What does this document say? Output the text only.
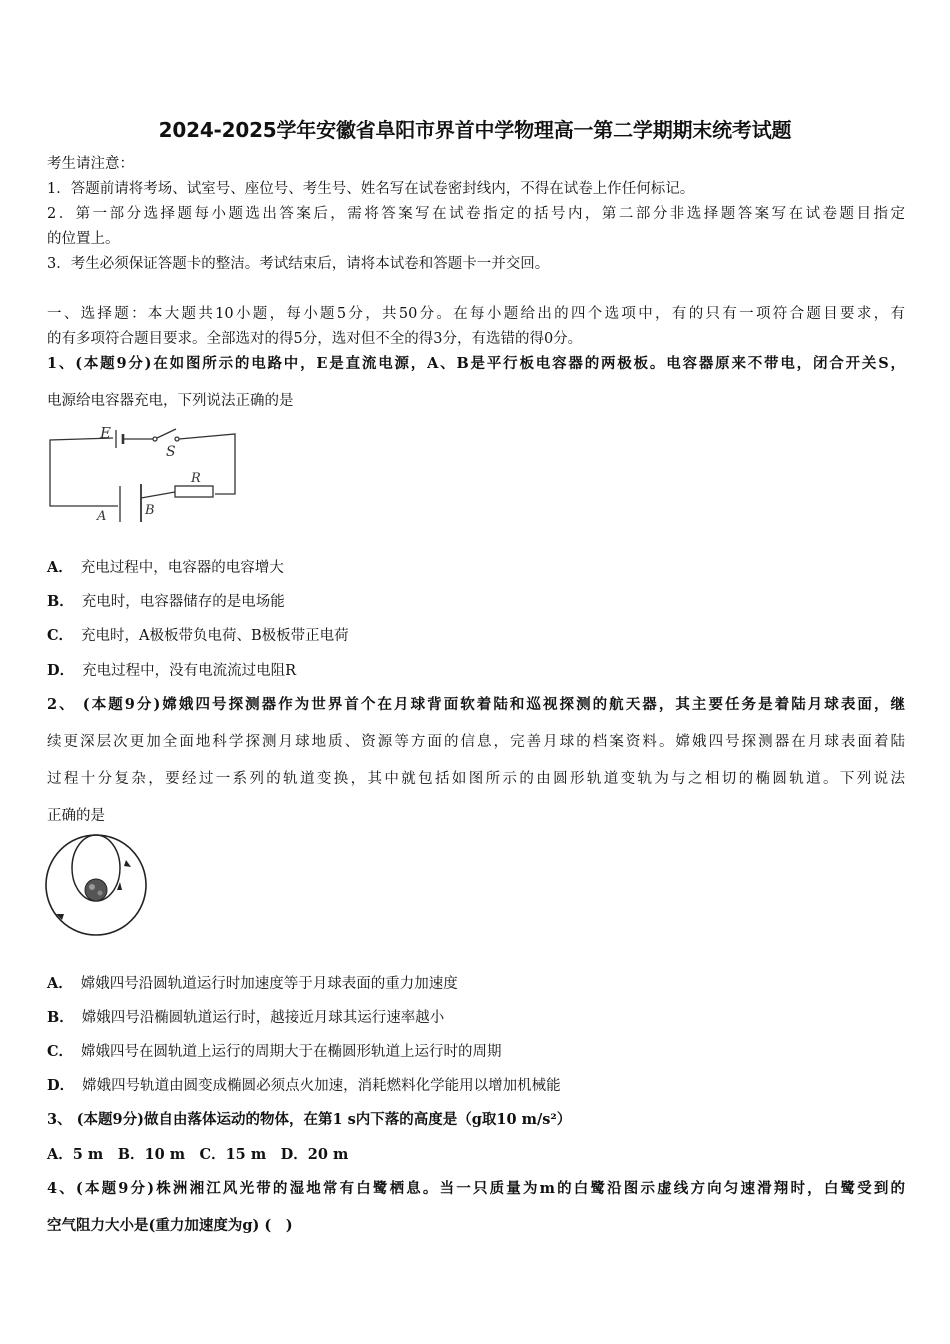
2024-2025学年安徽省阜阳市界首中学物理高一第二学期期末统考试题
考生请注意：
1．答题前请将考场、试室号、座位号、考生号、姓名写在试卷密封线内，不得在试卷上作任何标记。
2．第一部分选择题每小题选出答案后，需将答案写在试卷指定的括号内，第二部分非选择题答案写在试卷题目指定
的位置上。
3．考生必须保证答题卡的整洁。考试结束后，请将本试卷和答题卡一并交回。
一、选择题：本大题共10小题，每小题5分，共50分。在每小题给出的四个选项中，有的只有一项符合题目要求，有
的有多项符合题目要求。全部选对的得5分，选对但不全的得3分，有选错的得0分。
1、(本题9分)在如图所示的电路中，E是直流电源，A、B是平行板电容器的两极板。电容器原来不带电，闭合开关S，
电源给电容器充电，下列说法正确的是
E
S
R
A	B
A． 充电过程中，电容器的电容增大
B． 充电时，电容器储存的是电场能
C． 充电时，A极板带负电荷、B极板带正电荷
D． 充电过程中，没有电流流过电阻R
2、 (本题9分)嫦娥四号探测器作为世界首个在月球背面软着陆和巡视探测的航天器，其主要任务是着陆月球表面，继
续更深层次更加全面地科学探测月球地质、资源等方面的信息，完善月球的档案资料。嫦娥四号探测器在月球表面着陆
过程十分复杂，要经过一系列的轨道变换，其中就包括如图所示的由圆形轨道变轨为与之相切的椭圆轨道。下列说法
正确的是
A． 嫦娥四号沿圆轨道运行时加速度等于月球表面的重力加速度
B． 嫦娥四号沿椭圆轨道运行时，越接近月球其运行速率越小
C． 嫦娥四号在圆轨道上运行的周期大于在椭圆形轨道上运行时的周期
D． 嫦娥四号轨道由圆变成椭圆必须点火加速，消耗燃料化学能用以增加机械能
3、 (本题9分)做自由落体运动的物体，在第1 s内下落的高度是（g取10 m/s²）
A．5 m　B．10 m　C．15 m　D．20 m
4、(本题9分)株洲湘江风光带的湿地常有白鹭栖息。当一只质量为m的白鹭沿图示虚线方向匀速滑翔时，白鹭受到的
空气阻力大小是(重力加速度为g) (　)
